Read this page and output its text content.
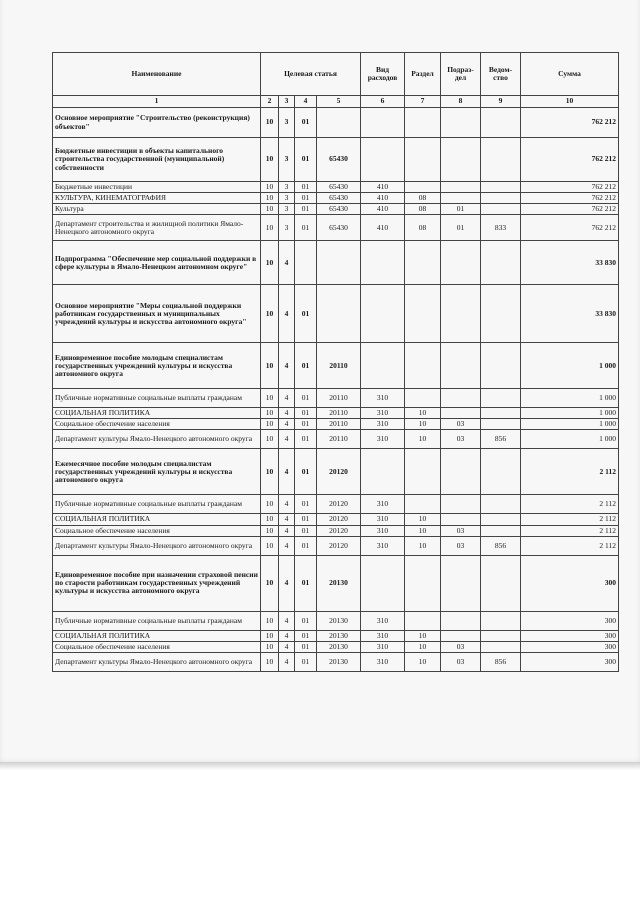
Наименование	Целевая статья				Вид расходов	Раздел	Подраз-дел	Ведом-ство	Сумма
1	2	3	4	5	6	7	8	9	10
Основное мероприятие "Строительство (реконструкция) объектов"	10	3	01						762 212
Бюджетные инвестиции в объекты капитального строительства государственной (муниципальной) собственности	10	3	01	65430					762 212
Бюджетные инвестиции	10	3	01	65430	410				762 212
КУЛЬТУРА, КИНЕМАТОГРАФИЯ	10	3	01	65430	410	08			762 212
Культура	10	3	01	65430	410	08	01		762 212
Департамент строительства и жилищной политики Ямало-Ненецкого автономного округа	10	3	01	65430	410	08	01	833	762 212
Подпрограмма "Обеспечение мер социальной поддержки в сфере культуры в Ямало-Ненецком автономном округе"	10	4							33 830
Основное мероприятие "Меры социальной поддержки работникам государственных и муниципальных учреждений культуры и искусства автономного округа"	10	4	01						33 830
Единовременное пособие молодым специалистам государственных учреждений культуры и искусства автономного округа	10	4	01	20110					1 000
Публичные нормативные социальные выплаты гражданам	10	4	01	20110	310				1 000
СОЦИАЛЬНАЯ ПОЛИТИКА	10	4	01	20110	310	10			1 000
Социальное обеспечение населения	10	4	01	20110	310	10	03		1 000
Департамент культуры Ямало-Ненецкого автономного округа	10	4	01	20110	310	10	03	856	1 000
Ежемесячное пособие молодым специалистам государственных учреждений культуры и искусства автономного округа	10	4	01	20120					2 112
Публичные нормативные социальные выплаты гражданам	10	4	01	20120	310				2 112
СОЦИАЛЬНАЯ ПОЛИТИКА	10	4	01	20120	310	10			2 112
Социальное обеспечение населения	10	4	01	20120	310	10	03		2 112
Департамент культуры Ямало-Ненецкого автономного округа	10	4	01	20120	310	10	03	856	2 112
Единовременное пособие при назначении страховой пенсии по старости работникам государственных учреждений культуры и искусства автономного округа	10	4	01	20130					300
Публичные нормативные социальные выплаты гражданам	10	4	01	20130	310				300
СОЦИАЛЬНАЯ ПОЛИТИКА	10	4	01	20130	310	10			300
Социальное обеспечение населения	10	4	01	20130	310	10	03		300
Департамент культуры Ямало-Ненецкого автономного округа	10	4	01	20130	310	10	03	856	300
